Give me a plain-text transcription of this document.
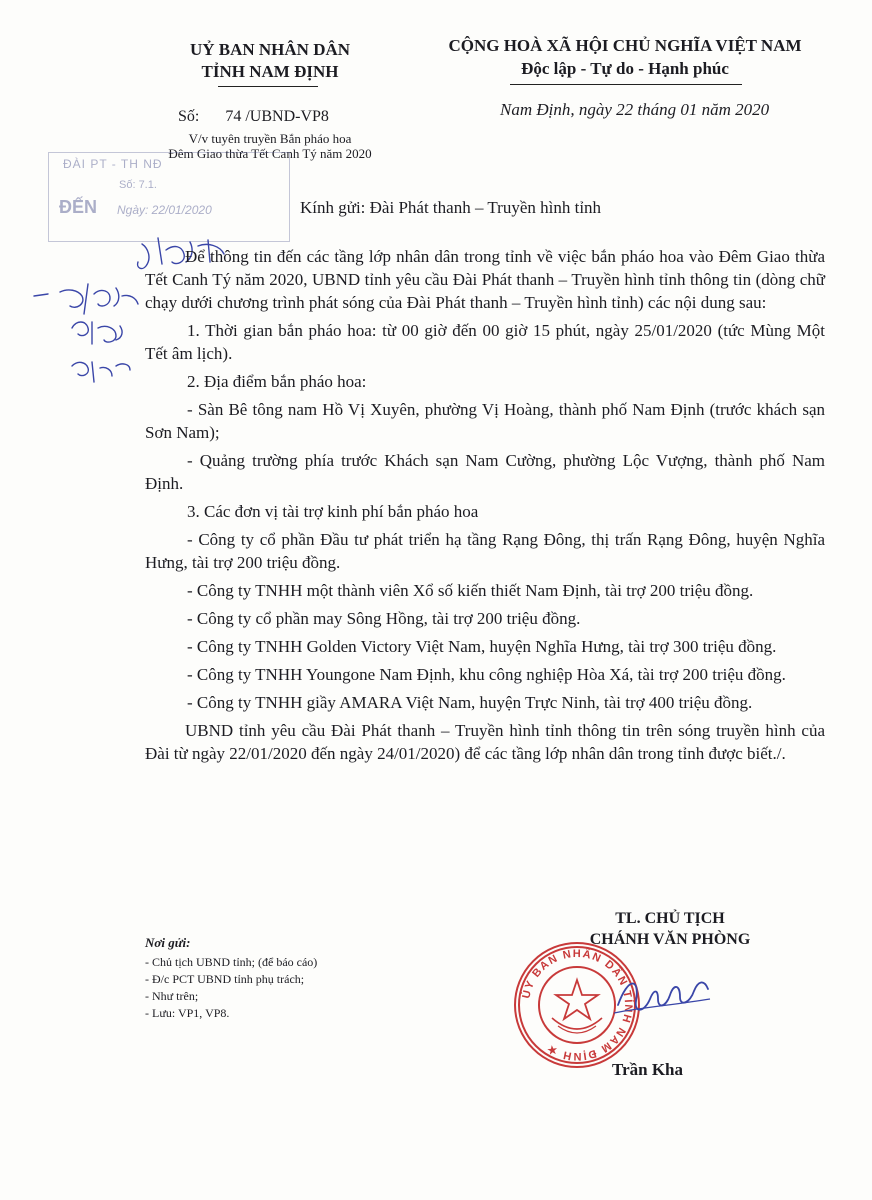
UỶ BAN NHÂN DÂN
TỈNH NAM ĐỊNH
CỘNG HOÀ XÃ HỘI CHỦ NGHĨA VIỆT NAM
Độc lập - Tự do - Hạnh phúc
Số: 74 /UBND-VP8
V/v tuyên truyền Bắn pháo hoa
Đêm Giao thừa Tết Canh Tý năm 2020
Nam Định, ngày 22 tháng 01 năm 2020
ĐÀI PT - TH NĐ
Số: 7.1.
ĐẾN Ngày: 22/01/2020	Kính gửi: Đài Phát thanh – Truyền hình tỉnh

Để thông tin đến các tầng lớp nhân dân trong tỉnh về việc bắn pháo hoa vào Đêm Giao thừa Tết Canh Tý năm 2020, UBND tỉnh yêu cầu Đài Phát thanh – Truyền hình tỉnh thông tin (dòng chữ chạy dưới chương trình phát sóng của Đài Phát thanh – Truyền hình tỉnh) các nội dung sau:

1. Thời gian bắn pháo hoa: từ 00 giờ đến 00 giờ 15 phút, ngày 25/01/2020 (tức Mùng Một Tết âm lịch).

2. Địa điểm bắn pháo hoa:

- Sàn Bê tông nam Hồ Vị Xuyên, phường Vị Hoàng, thành phố Nam Định (trước khách sạn Sơn Nam);

- Quảng trường phía trước Khách sạn Nam Cường, phường Lộc Vượng, thành phố Nam Định.

3. Các đơn vị tài trợ kinh phí bắn pháo hoa

- Công ty cổ phần Đầu tư phát triển hạ tầng Rạng Đông, thị trấn Rạng Đông, huyện Nghĩa Hưng, tài trợ 200 triệu đồng.

- Công ty TNHH một thành viên Xổ số kiến thiết Nam Định, tài trợ 200 triệu đồng.

- Công ty cổ phần may Sông Hồng, tài trợ 200 triệu đồng.

- Công ty TNHH Golden Victory Việt Nam, huyện Nghĩa Hưng, tài trợ 300 triệu đồng.

- Công ty TNHH Youngone Nam Định, khu công nghiệp Hòa Xá, tài trợ 200 triệu đồng.

- Công ty TNHH giầy AMARA Việt Nam, huyện Trực Ninh, tài trợ 400 triệu đồng.

UBND tỉnh yêu cầu Đài Phát thanh – Truyền hình tỉnh thông tin trên sóng truyền hình của Đài từ ngày 22/01/2020 đến ngày 24/01/2020) để các tầng lớp nhân dân trong tỉnh được biết./.

TL. CHỦ TỊCH
CHÁNH VĂN PHÒNG
ỦY BAN NHÂN DÂN TỈNH NAM ĐỊNH ★
Trần Kha
Nơi gửi:
- Chủ tịch UBND tỉnh; (để báo cáo)
- Đ/c PCT UBND tỉnh phụ trách;
- Như trên;
- Lưu: VP1, VP8.
